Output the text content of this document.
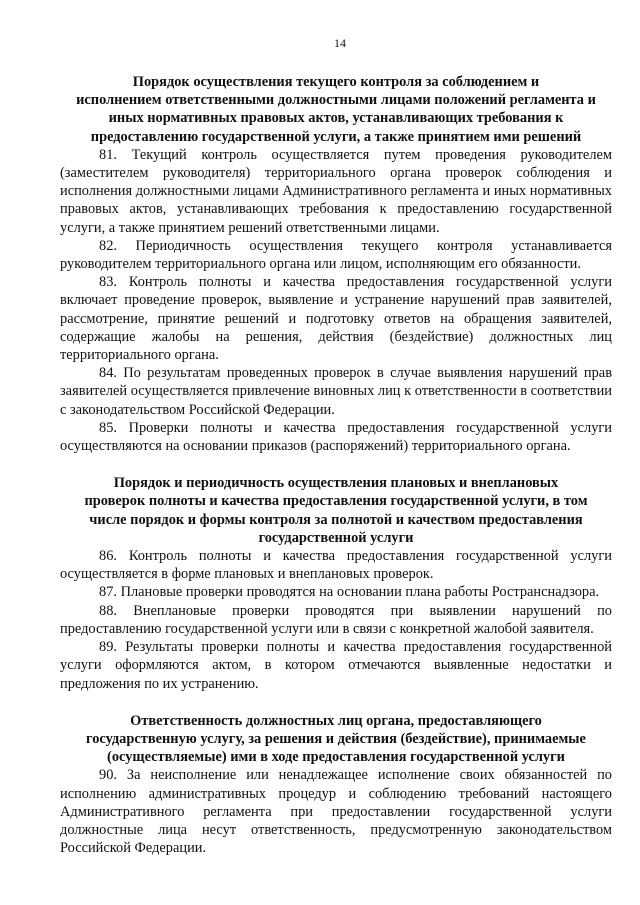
14
Порядок осуществления текущего контроля за соблюдением и
исполнением ответственными должностными лицами положений регламента и
иных нормативных правовых актов, устанавливающих требования к
предоставлению государственной услуги, а также принятием ими решений

81. Текущий контроль осуществляется путем проведения руководителем (заместителем руководителя) территориального органа проверок соблюдения и исполнения должностными лицами Административного регламента и иных нормативных правовых актов, устанавливающих требования к предоставлению государственной услуги, а также принятием решений ответственными лицами.

82. Периодичность осуществления текущего контроля устанавливается руководителем территориального органа или лицом, исполняющим его обязанности.

83. Контроль полноты и качества предоставления государственной услуги включает проведение проверок, выявление и устранение нарушений прав заявителей, рассмотрение, принятие решений и подготовку ответов на обращения заявителей, содержащие жалобы на решения, действия (бездействие) должностных лиц территориального органа.

84. По результатам проведенных проверок в случае выявления нарушений прав заявителей осуществляется привлечение виновных лиц к ответственности в соответствии с законодательством Российской Федерации.

85. Проверки полноты и качества предоставления государственной услуги осуществляются на основании приказов (распоряжений) территориального органа.

Порядок и периодичность осуществления плановых и внеплановых
проверок полноты и качества предоставления государственной услуги, в том
числе порядок и формы контроля за полнотой и качеством предоставления
государственной услуги

86. Контроль полноты и качества предоставления государственной услуги осуществляется в форме плановых и внеплановых проверок.

87. Плановые проверки проводятся на основании плана работы Ространснадзора.

88. Внеплановые проверки проводятся при выявлении нарушений по предоставлению государственной услуги или в связи с конкретной жалобой заявителя.

89. Результаты проверки полноты и качества предоставления государственной услуги оформляются актом, в котором отмечаются выявленные недостатки и предложения по их устранению.

Ответственность должностных лиц органа, предоставляющего
государственную услугу, за решения и действия (бездействие), принимаемые
(осуществляемые) ими в ходе предоставления государственной услуги

90. За неисполнение или ненадлежащее исполнение своих обязанностей по исполнению административных процедур и соблюдению требований настоящего Административного регламента при предоставлении государственной услуги должностные лица несут ответственность, предусмотренную законодательством Российской Федерации.
